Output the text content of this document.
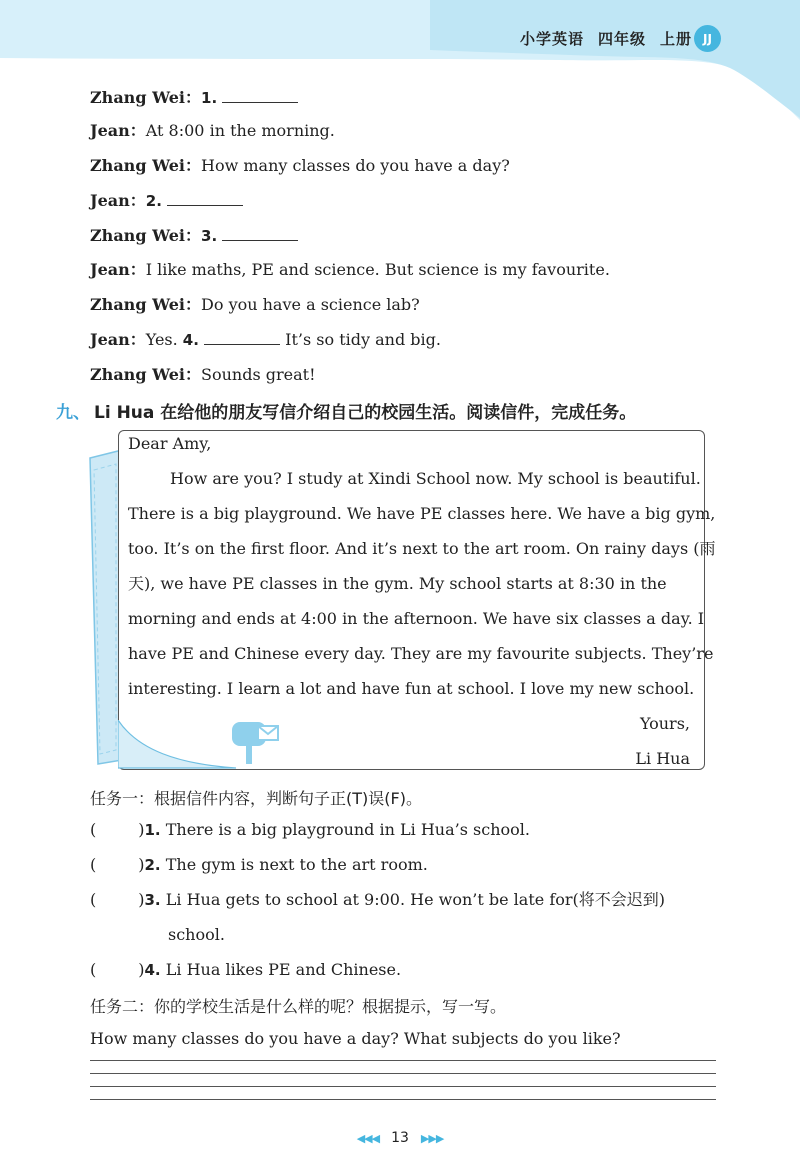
小学英语 四年级 上册 JJ
Zhang Wei：1.
Jean：At 8:00 in the morning.
Zhang Wei：How many classes do you have a day?
Jean：2.
Zhang Wei：3.
Jean：I like maths, PE and science. But science is my favourite.
Zhang Wei：Do you have a science lab?
Jean：Yes. 4.	It’s so tidy and big.
Zhang Wei：Sounds great!
九、 Li Hua 在给他的朋友写信介绍自己的校园生活。阅读信件，完成任务。
Dear Amy,
How are you? I study at Xindi School now. My school is beautiful.
There is a big playground. We have PE classes here. We have a big gym,
too. It’s on the first floor. And it’s next to the art room. On rainy days (雨
天), we have PE classes in the gym. My school starts at 8:30 in the
morning and ends at 4:00 in the afternoon. We have six classes a day. I
have PE and Chinese every day. They are my favourite subjects. They’re
interesting. I learn a lot and have fun at school. I love my new school.
Yours,
Li Hua
任务一：根据信件内容，判断句子正(T)误(F)。
(	)1. There is a big playground in Li Hua’s school.
(	)2. The gym is next to the art room.
(	)3. Li Hua gets to school at 9:00. He won’t be late for(将不会迟到)
school.
(	)4. Li Hua likes PE and Chinese.
任务二：你的学校生活是什么样的呢？根据提示，写一写。
How many classes do you have a day? What subjects do you like?
◀◀◀ 13 ▶▶▶
